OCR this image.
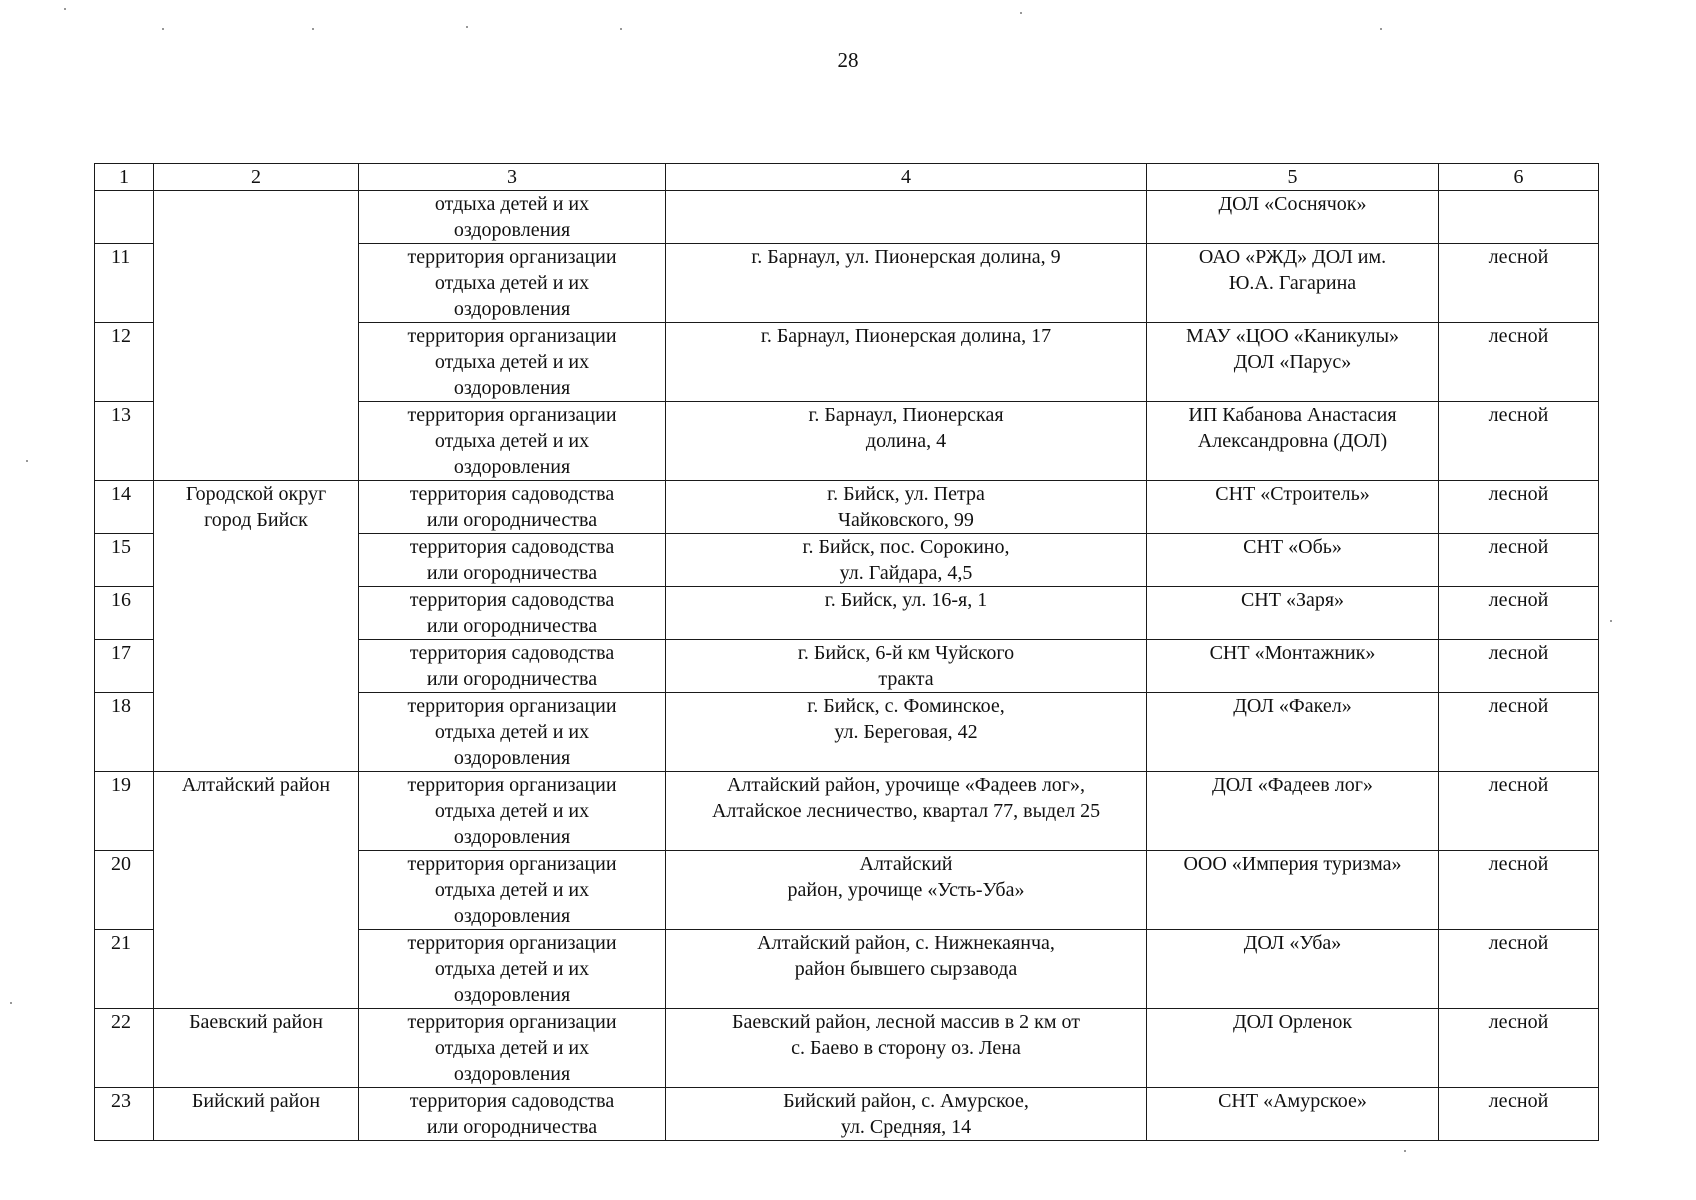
28
1	2	3	4	5	6
		отдыха детей и их
оздоровления		ДОЛ «Соснячок»	
11		территория организации
отдыха детей и их
оздоровления	г. Барнаул, ул. Пионерская долина, 9	ОАО «РЖД» ДОЛ им.
Ю.А. Гагарина	лесной
12		территория организации
отдыха детей и их
оздоровления	г. Барнаул, Пионерская долина, 17	МАУ «ЦОО «Каникулы»
ДОЛ «Парус»	лесной
13		территория организации
отдыха детей и их
оздоровления	г. Барнаул, Пионерская
долина, 4	ИП Кабанова Анастасия
Александровна (ДОЛ)	лесной
14	Городской округ
город Бийск	территория садоводства
или огородничества	г. Бийск, ул. Петра
Чайковского, 99	СНТ «Строитель»	лесной
15		территория садоводства
или огородничества	г. Бийск, пос. Сорокино,
ул. Гайдара, 4,5	СНТ «Обь»	лесной
16		территория садоводства
или огородничества	г. Бийск, ул. 16-я, 1	СНТ «Заря»	лесной
17		территория садоводства
или огородничества	г. Бийск, 6-й км Чуйского
тракта	СНТ «Монтажник»	лесной
18		территория организации
отдыха детей и их
оздоровления	г. Бийск, с. Фоминское,
ул. Береговая, 42	ДОЛ «Факел»	лесной
19	Алтайский район	территория организации
отдыха детей и их
оздоровления	Алтайский район, урочище «Фадеев лог»,
Алтайское лесничество, квартал 77, выдел 25	ДОЛ «Фадеев лог»	лесной
20		территория организации
отдыха детей и их
оздоровления	Алтайский
район, урочище «Усть-Уба»	ООО «Империя туризма»	лесной
21		территория организации
отдыха детей и их
оздоровления	Алтайский район, с. Нижнекаянча,
район бывшего сырзавода	ДОЛ «Уба»	лесной
22	Баевский район	территория организации
отдыха детей и их
оздоровления	Баевский район, лесной массив в 2 км от
с. Баево в сторону оз. Лена	ДОЛ Орленок	лесной
23	Бийский район	территория садоводства
или огородничества	Бийский район, с. Амурское,
ул. Средняя, 14	СНТ «Амурское»	лесной
